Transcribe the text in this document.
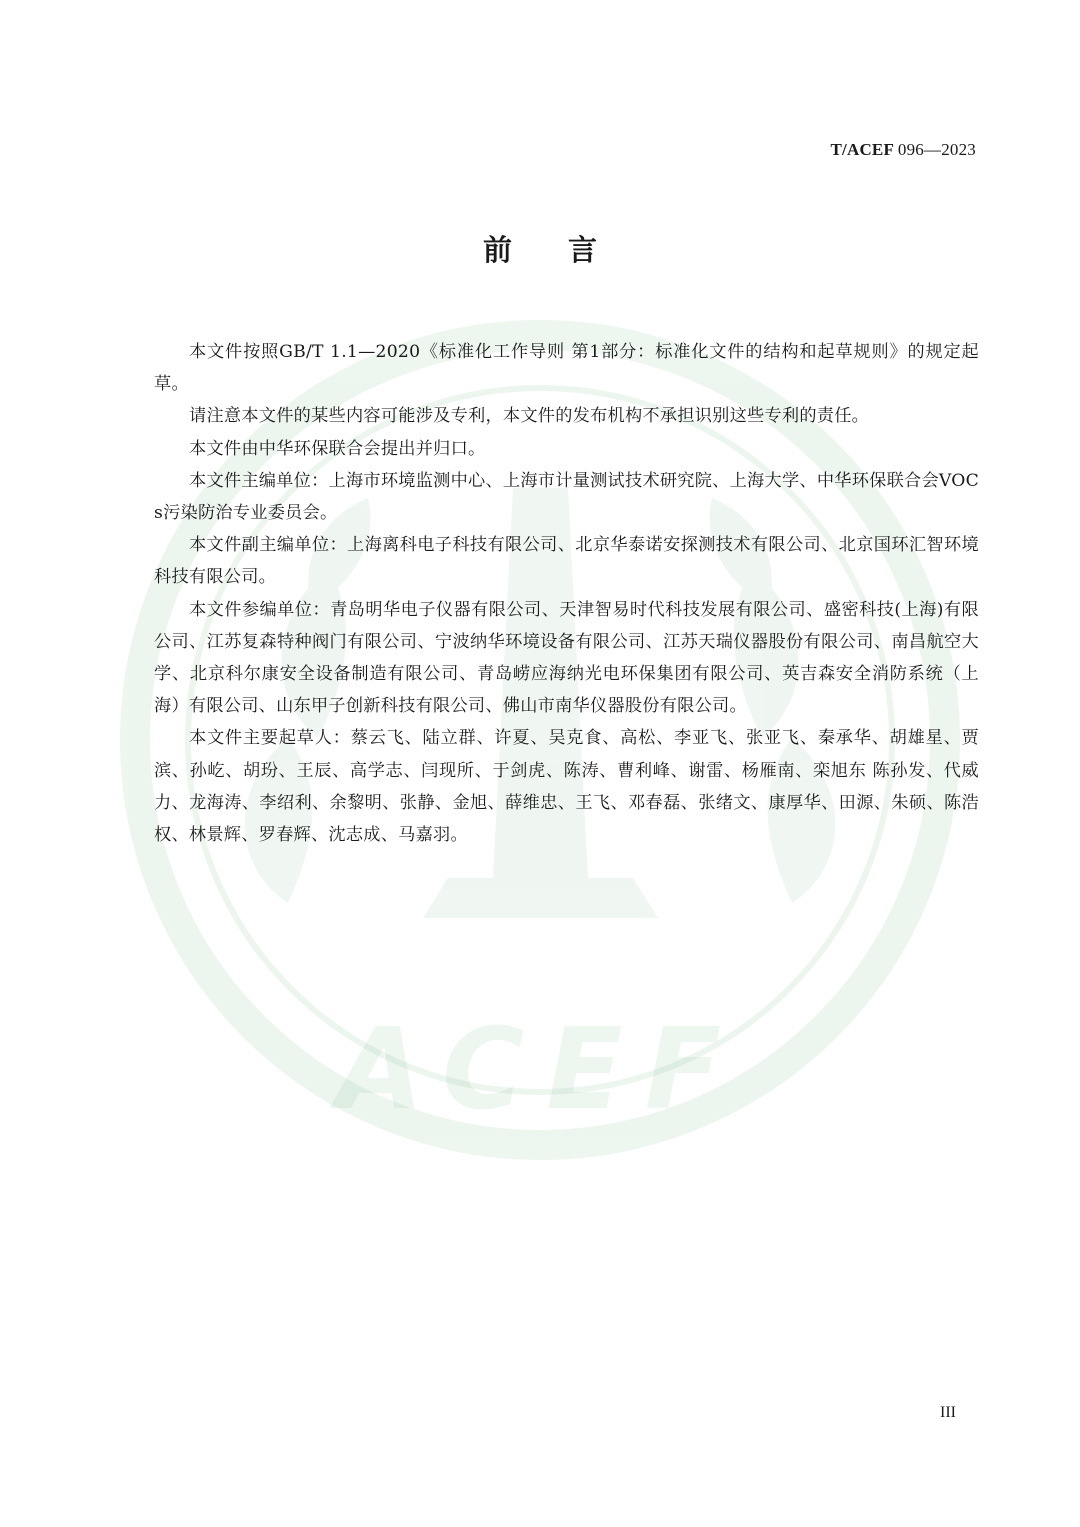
ACEF
T/ACEF 096—2023
前言

本文件按照GB/T 1.1—2020《标准化工作导则 第1部分：标准化文件的结构和起草规则》的规定起草。

请注意本文件的某些内容可能涉及专利，本文件的发布机构不承担识别这些专利的责任。

本文件由中华环保联合会提出并归口。

本文件主编单位：上海市环境监测中心、上海市计量测试技术研究院、上海大学、中华环保联合会VOCs污染防治专业委员会。

本文件副主编单位：上海离科电子科技有限公司、北京华泰诺安探测技术有限公司、北京国环汇智环境科技有限公司。

本文件参编单位：青岛明华电子仪器有限公司、天津智易时代科技发展有限公司、盛密科技(上海)有限公司、江苏复森特种阀门有限公司、宁波纳华环境设备有限公司、江苏天瑞仪器股份有限公司、南昌航空大学、北京科尔康安全设备制造有限公司、青岛崂应海纳光电环保集团有限公司、英吉森安全消防系统（上海）有限公司、山东甲子创新科技有限公司、佛山市南华仪器股份有限公司。

本文件主要起草人：蔡云飞、陆立群、许夏、吴克食、高松、李亚飞、张亚飞、秦承华、胡雄星、贾滨、孙屹、胡玢、王辰、高学志、闫现所、于剑虎、陈涛、曹利峰、谢雷、杨雁南、栾旭东 陈孙发、代威力、龙海涛、李绍利、余黎明、张静、金旭、薛维忠、王飞、邓春磊、张绪文、康厚华、田源、朱硕、陈浩权、林景辉、罗春辉、沈志成、马嘉羽。

III
